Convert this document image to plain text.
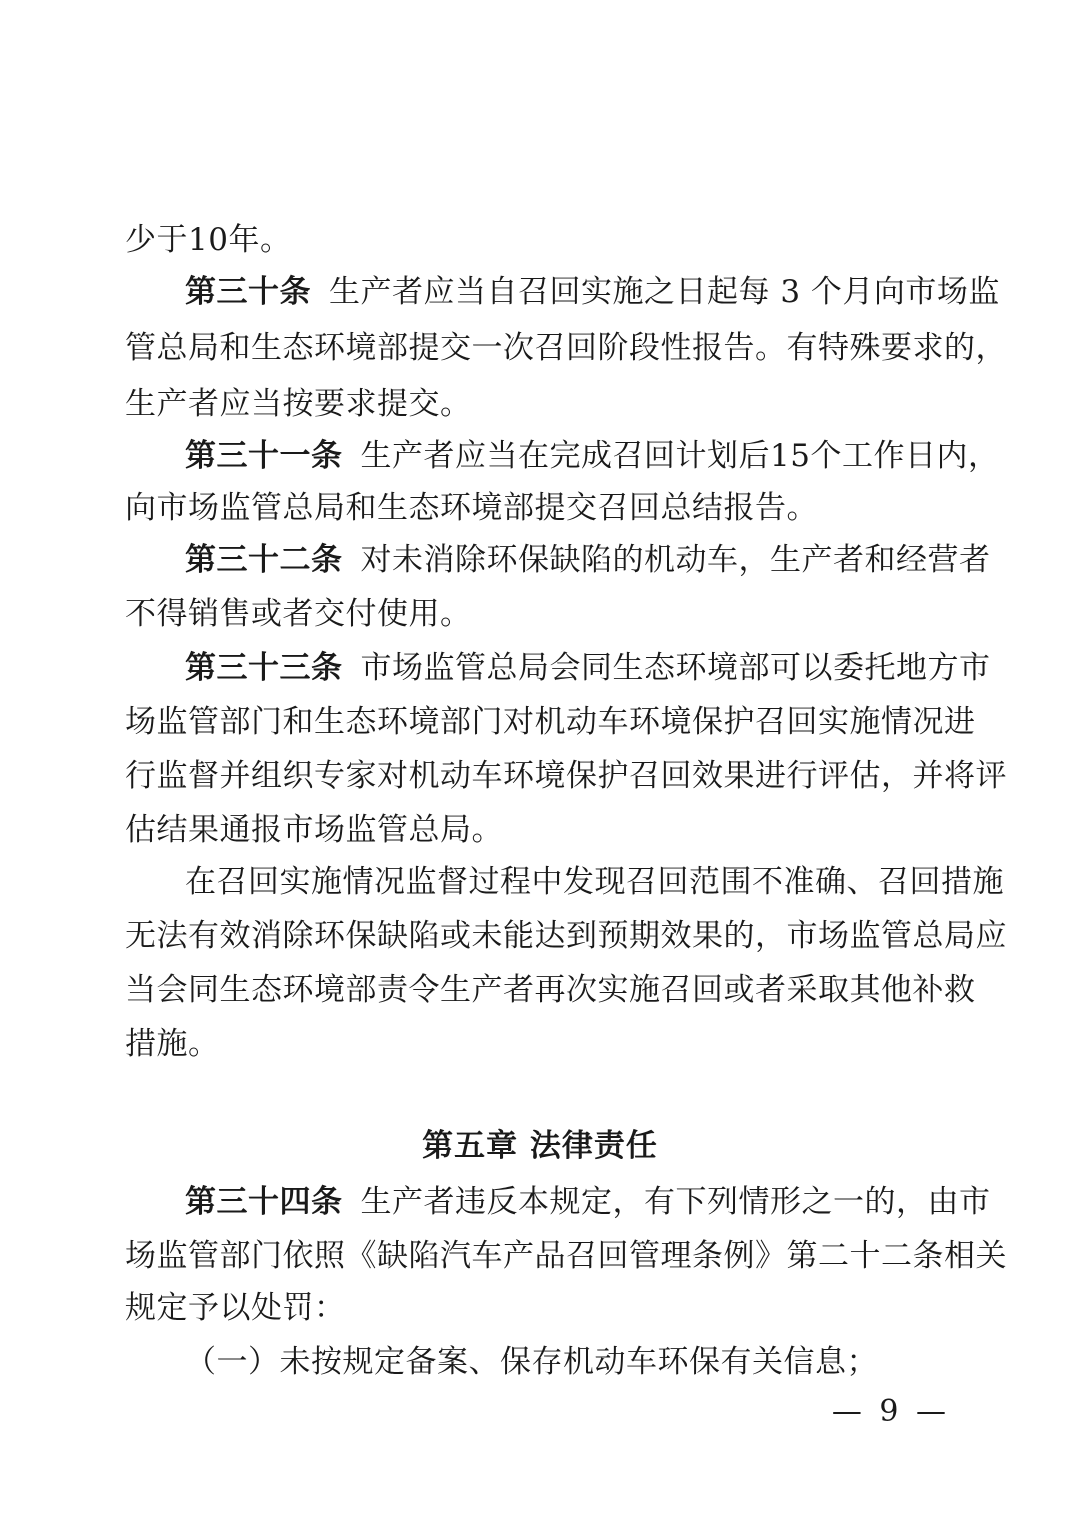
少于10年。
第三十条 生产者应当自召回实施之日起每 3 个月向市场监
管总局和生态环境部提交一次召回阶段性报告。有特殊要求的，
生产者应当按要求提交。
第三十一条 生产者应当在完成召回计划后15个工作日内，
向市场监管总局和生态环境部提交召回总结报告。
第三十二条 对未消除环保缺陷的机动车，生产者和经营者
不得销售或者交付使用。
第三十三条 市场监管总局会同生态环境部可以委托地方市
场监管部门和生态环境部门对机动车环境保护召回实施情况进
行监督并组织专家对机动车环境保护召回效果进行评估，并将评
估结果通报市场监管总局。
在召回实施情况监督过程中发现召回范围不准确、召回措施
无法有效消除环保缺陷或未能达到预期效果的，市场监管总局应
当会同生态环境部责令生产者再次实施召回或者采取其他补救
措施。
第五章 法律责任
第三十四条 生产者违反本规定，有下列情形之一的，由市
场监管部门依照《缺陷汽车产品召回管理条例》第二十二条相关
规定予以处罚：
（一）未按规定备案、保存机动车环保有关信息；
— 9 —
